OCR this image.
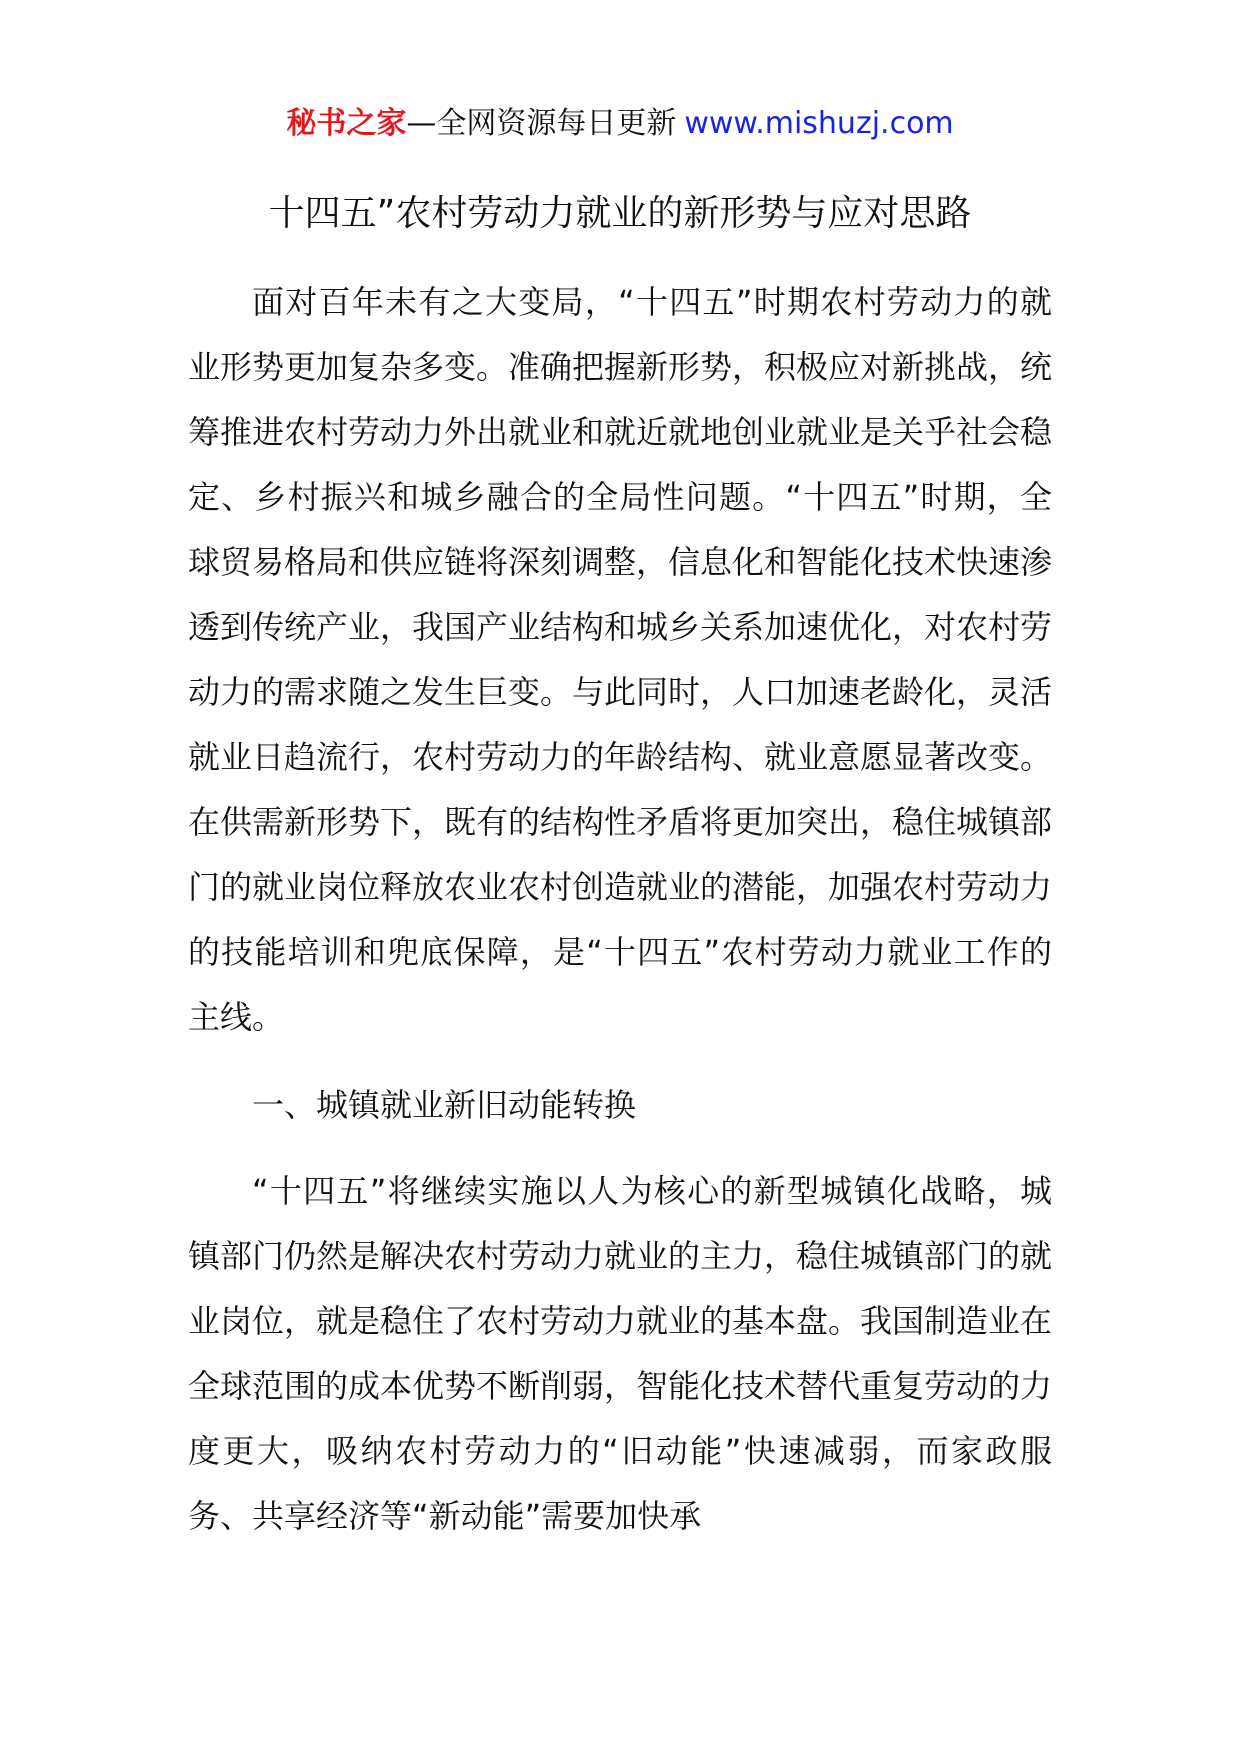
秘书之家—全网资源每日更新 www.mishuzj.com
十四五”农村劳动力就业的新形势与应对思路
面对百年未有之大变局，“十四五”时期农村劳动力的就业形势更加复杂多变。准确把握新形势，积极应对新挑战，统筹推进农村劳动力外出就业和就近就地创业就业是关乎社会稳定、乡村振兴和城乡融合的全局性问题。“十四五”时期，全球贸易格局和供应链将深刻调整，信息化和智能化技术快速渗透到传统产业，我国产业结构和城乡关系加速优化，对农村劳动力的需求随之发生巨变。与此同时，人口加速老龄化，灵活就业日趋流行，农村劳动力的年龄结构、就业意愿显著改变。在供需新形势下，既有的结构性矛盾将更加突出，稳住城镇部门的就业岗位释放农业农村创造就业的潜能，加强农村劳动力的技能培训和兜底保障，是“十四五”农村劳动力就业工作的主线。
一、城镇就业新旧动能转换
“十四五”将继续实施以人为核心的新型城镇化战略，城镇部门仍然是解决农村劳动力就业的主力，稳住城镇部门的就业岗位，就是稳住了农村劳动力就业的基本盘。我国制造业在全球范围的成本优势不断削弱，智能化技术替代重复劳动的力度更大，吸纳农村劳动力的“旧动能”快速减弱，而家政服务、共享经济等“新动能”需要加快承
